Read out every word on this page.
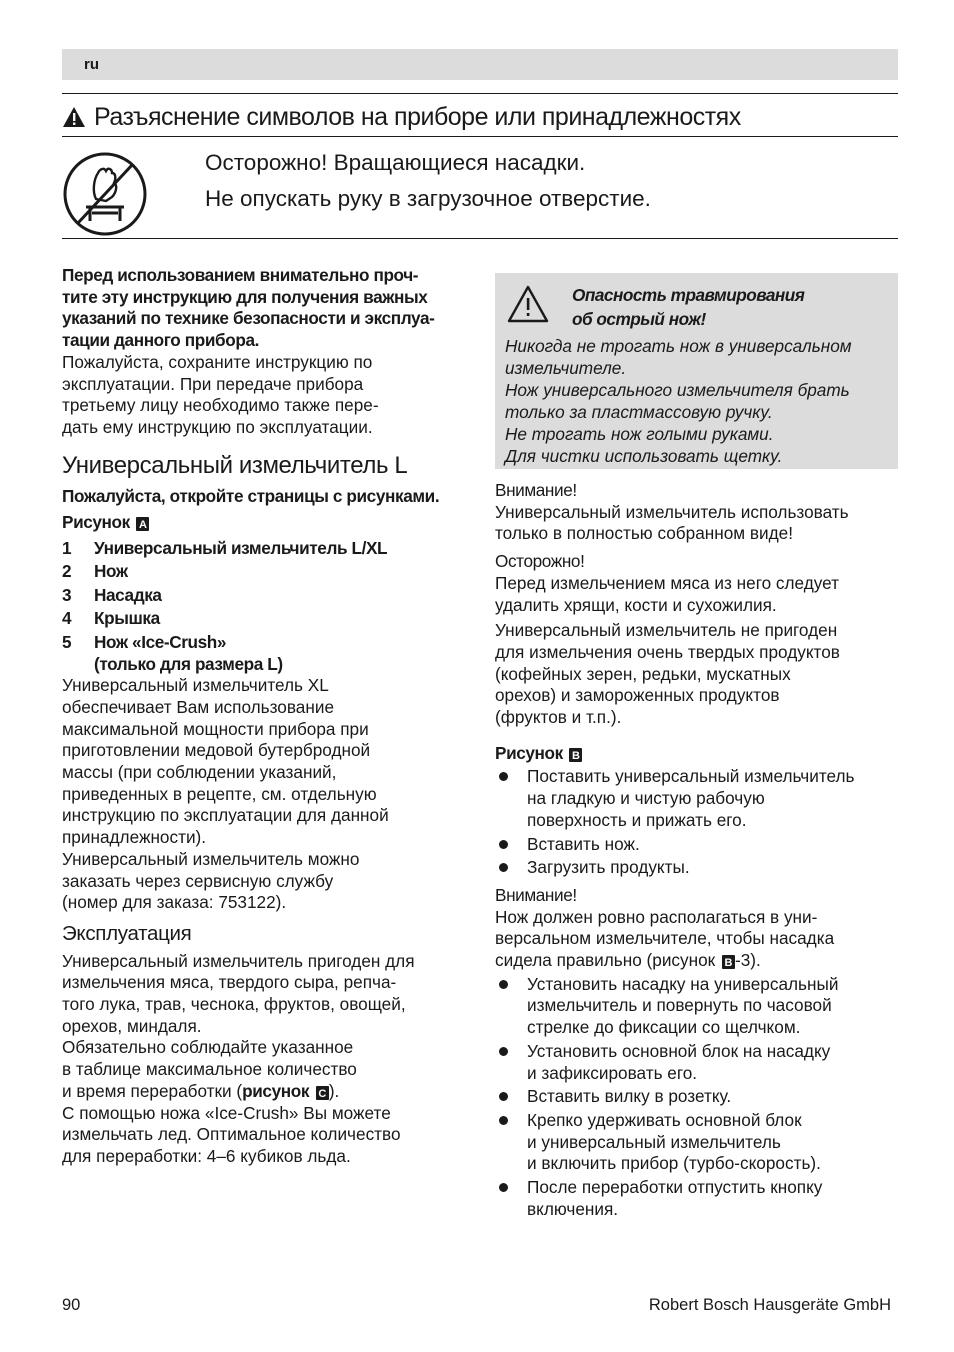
ru
Разъяснение символов на приборе или принадлежностях
Осторожно! Вращающиеся насадки.
Не опускать руку в загрузочное отверстие.

Перед использованием внимательно проч-
тите эту инструкцию для получения важных
указаний по технике безопасности и эксплуа-
тации данного прибора.

Пожалуйста, сохраните инструкцию по
эксплуатации. При передаче прибора
третьему лицу необходимо также пере-
дать ему инструкцию по эксплуатации.

Универсальный измельчитель L

Пожалуйста, откройте страницы с рисунками.

Рисунок A

1	Универсальный измельчитель L/XL
2	Нож
3	Насадка
4	Крышка
5	Нож «Ice-Crush»
(только для размера L)

Универсальный измельчитель XL
обеспечивает Вам использование
максимальной мощности прибора при
приготовлении медовой бутербродной
массы (при соблюдении указаний,
приведенных в рецепте, см. отдельную
инструкцию по эксплуатации для данной
принадлежности).
Универсальный измельчитель можно
заказать через сервисную службу
(номер для заказа: 753122).

Эксплуатация

Универсальный измельчитель пригоден для
измельчения мяса, твердого сыра, репча-
того лука, трав, чеснока, фруктов, овощей,
орехов, миндаля.
Обязательно соблюдайте указанное
в таблице максимальное количество
и время переработки (рисунок C ).
С помощью ножа «Ice-Crush» Вы можете
измельчать лед. Оптимальное количество
для переработки: 4–6 кубиков льда.

Опасность травмирования
об острый нож!
Никогда не трогать нож в универсальном
измельчителе.
Нож универсального измельчителя брать
только за пластмассовую ручку.
Не трогать нож голыми руками.
Для чистки использовать щетку.

Внимание!

Универсальный измельчитель использовать
только в полностью собранном виде!

Осторожно!

Перед измельчением мяса из него следует
удалить хрящи, кости и сухожилия.

Универсальный измельчитель не пригоден
для измельчения очень твердых продуктов
(кофейных зерен, редьки, мускатных
орехов) и замороженных продуктов
(фруктов и т.п.).

Рисунок B

Поставить универсальный измельчитель
на гладкую и чистую рабочую
поверхность и прижать его.
Вставить нож.
Загрузить продукты.

Внимание!

Нож должен ровно располагаться в уни-
версальном измельчителе, чтобы насадка
сидела правильно (рисунок B -3).

Установить насадку на универсальный
измельчитель и повернуть по часовой
стрелке до фиксации со щелчком.
Установить основной блок на насадку
и зафиксировать его.
Вставить вилку в розетку.
Крепко удерживать основной блок
и универсальный измельчитель
и включить прибор (турбо-скорость).
После переработки отпустить кнопку
включения.
90	Robert Bosch Hausgeräte GmbH
